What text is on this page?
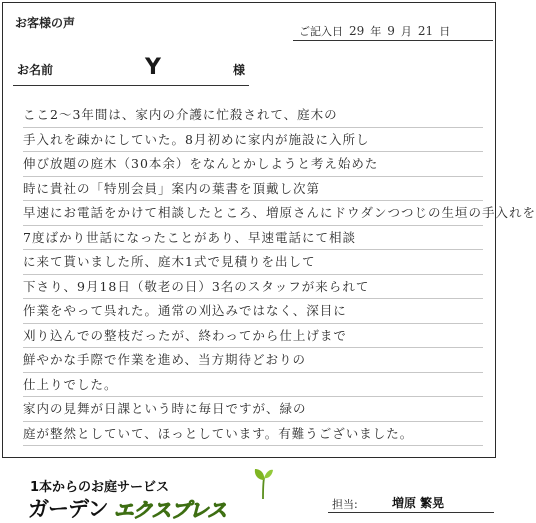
お客様の声
ご記入日 29 年 9 月 21 日
お名前	Y	様
ここ2〜3年間は、家内の介護に忙殺されて、庭木の
手入れを疎かにしていた。8月初めに家内が施設に入所し
伸び放題の庭木（30本余）をなんとかしようと考え始めた
時に貴社の「特別会員」案内の葉書を頂戴し次第
早速にお電話をかけて相談したところ、増原さんにドウダンつつじの生垣の手入れを
7度ばかり世話になったことがあり、早速電話にて相談
に来て貰いました所、庭木1式で見積りを出して
下さり、9月18日（敬老の日）3名のスタッフが来られて
作業をやって呉れた。通常の刈込みではなく、深目に
刈り込んでの整枝だったが、終わってから仕上げまで
鮮やかな手際で作業を進め、当方期待どおりの
仕上りでした。
家内の見舞が日課という時に毎日ですが、緑の
庭が整然としていて、ほっとしています。有難うございました。
1本からのお庭サービス
ガーデン エクスプレス	担当:	増原 繁晃
